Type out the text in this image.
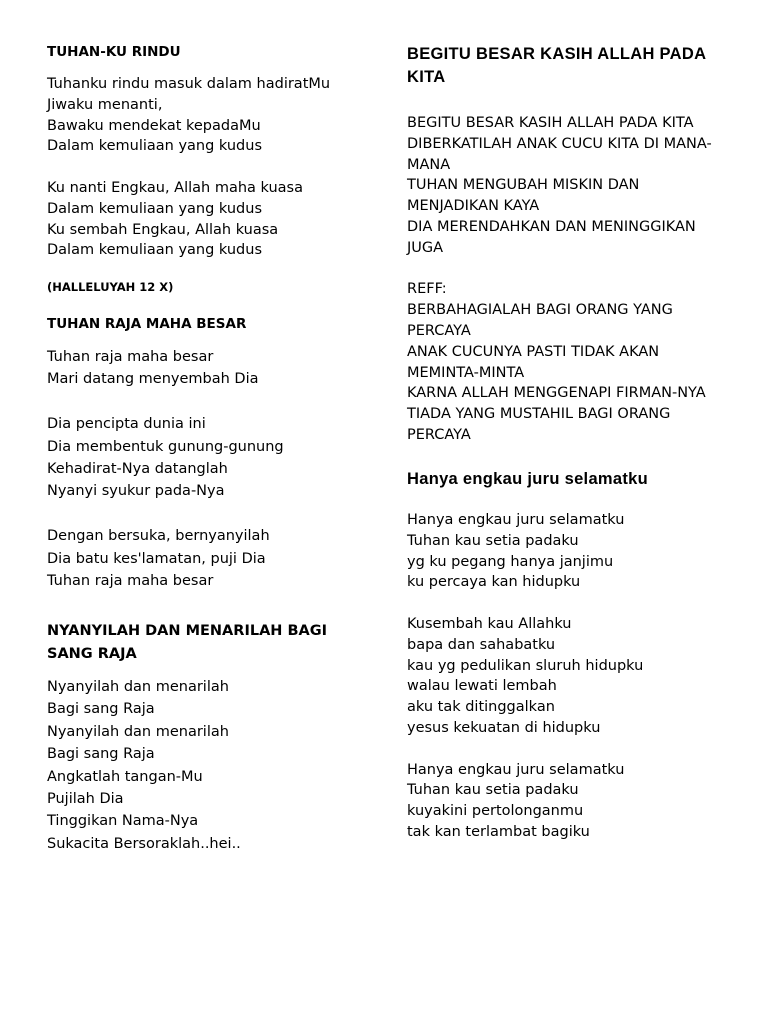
TUHAN-KU RINDU
Tuhanku rindu masuk dalam hadiratMu
Jiwaku menanti,
Bawaku mendekat kepadaMu
Dalam kemuliaan yang kudus
Ku nanti Engkau, Allah maha kuasa
Dalam kemuliaan yang kudus
Ku sembah Engkau, Allah kuasa
Dalam kemuliaan yang kudus
(HALLELUYAH 12 X)
TUHAN RAJA MAHA BESAR
Tuhan raja maha besar
Mari datang menyembah Dia
Dia pencipta dunia ini
Dia membentuk gunung-gunung
Kehadirat-Nya datanglah
Nyanyi syukur pada-Nya
Dengan bersuka, bernyanyilah
Dia batu kes'lamatan, puji Dia
Tuhan raja maha besar
NYANYILAH DAN MENARILAH BAGI SANG RAJA
Nyanyilah dan menarilah
Bagi sang Raja
Nyanyilah dan menarilah
Bagi sang Raja
Angkatlah tangan-Mu
Pujilah Dia
Tinggikan Nama-Nya
Sukacita Bersoraklah..hei..
BEGITU BESAR KASIH ALLAH PADA KITA
BEGITU BESAR KASIH ALLAH PADA KITA
DIBERKATILAH ANAK CUCU KITA DI MANA-
MANA
TUHAN MENGUBAH MISKIN DAN
MENJADIKAN KAYA
DIA MERENDAHKAN DAN MENINGGIKAN
JUGA
REFF:
BERBAHAGIALAH BAGI ORANG YANG
PERCAYA
ANAK CUCUNYA PASTI TIDAK AKAN
MEMINTA-MINTA
KARNA ALLAH MENGGENAPI FIRMAN-NYA
TIADA YANG MUSTAHIL BAGI ORANG
PERCAYA
Hanya engkau juru selamatku
Hanya engkau juru selamatku
Tuhan kau setia padaku
yg ku pegang hanya janjimu
ku percaya kan hidupku
Kusembah kau Allahku
bapa dan sahabatku
kau yg pedulikan sluruh hidupku
walau lewati lembah
aku tak ditinggalkan
yesus kekuatan di hidupku
Hanya engkau juru selamatku
Tuhan kau setia padaku
kuyakini pertolonganmu
tak kan terlambat bagiku
